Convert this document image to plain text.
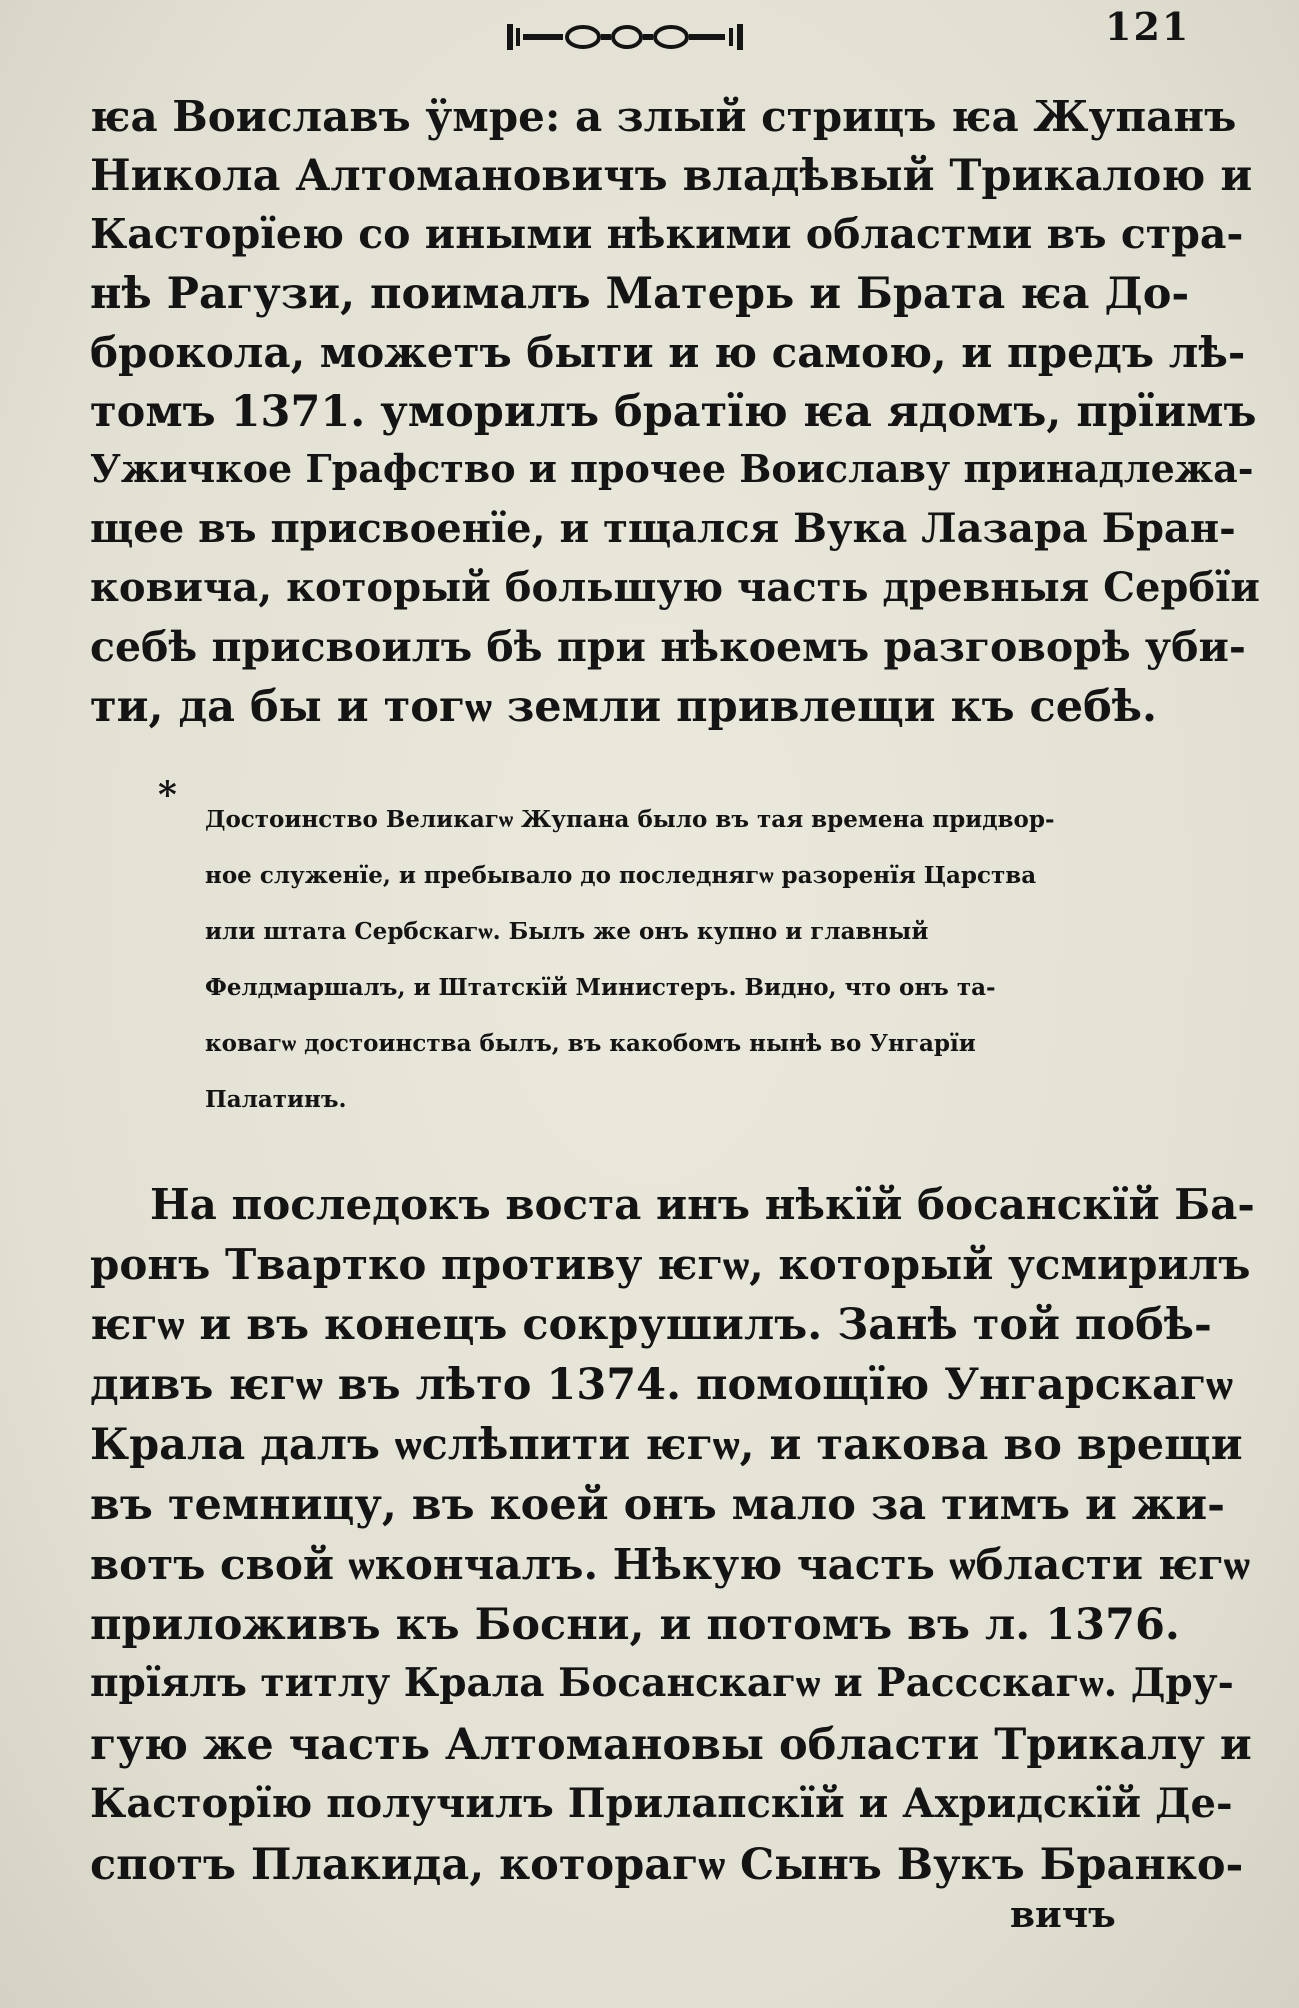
121
ѥа Воиславъ ӱмре: а злый стрицъ ѥа Жупанъ
Никола Алтомановичъ владѣвый Трикалою и
Касторїею со иными нѣкими областми въ стра-
нѣ Рагузи, поималъ Матерь и Брата ѥа До-
брокола, можетъ быти и ю самою, и предъ лѣ-
томъ 1371. уморилъ братїю ѥа ядомъ, прїимъ
Ужичкое Графство и прочее Воиславу принадлежа-
щее въ присвоенїе, и тщался Вука Лазара Бран-
ковича, который большую часть древныя Сербїи
себѣ присвоилъ бѣ при нѣкоемъ разговорѣ уби-
ти, да бы и тогѡ земли привлещи къ себѣ.
*
Достоинство Великагѡ Жупана было въ тая времена придвор-
ное служенїе, и пребывало до последнягѡ разоренїя Царства
или штата Сербскагѡ. Былъ же онъ купно и главный
Фелдмаршалъ, и Штатскїй Министеръ. Видно, что онъ та-
ковагѡ достоинства былъ, въ какобомъ нынѣ во Унгарїи
Палатинъ.
На последокъ воста инъ нѣкїй босанскїй Ба-
ронъ Твартко противу ѥгѡ, который усмирилъ
ѥгѡ и въ конецъ сокрушилъ. Занѣ той побѣ-
дивъ ѥгѡ въ лѣто 1374. помощїю Унгарскагѡ
Крала далъ ѡслѣпити ѥгѡ, и такова во врещи
въ темницу, въ коей онъ мало за тимъ и жи-
вотъ свой ѡкончалъ. Нѣкую часть ѡбласти ѥгѡ
приложивъ къ Босни, и потомъ въ л. 1376.
прїялъ титлу Крала Босанскагѡ и Рассскагѡ. Дру-
гую же часть Алтомановы области Трикалу и
Касторїю получилъ Прилапскїй и Ахридскїй Де-
спотъ Плакида, которагѡ Сынъ Вукъ Бранко-
вичъ
